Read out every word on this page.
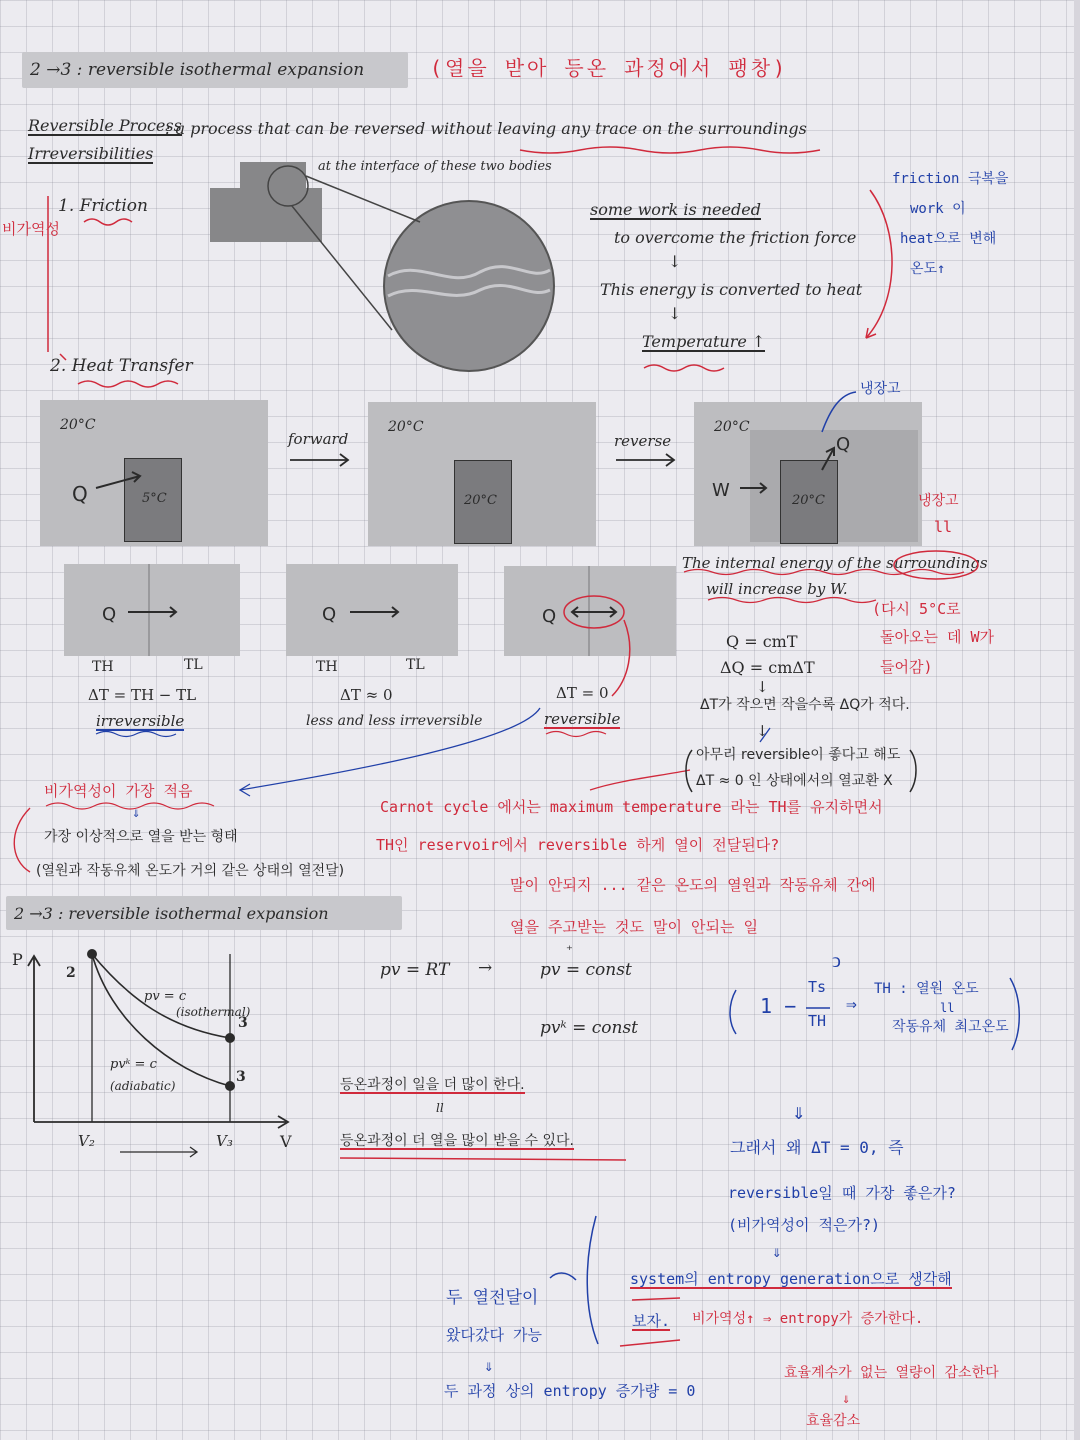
2 →3 : reversible isothermal expansion	(열을 받아 등온 과정에서 팽창)
Reversible Process
: a process that can be reversed without leaving any trace on the surroundings
Irreversibilities
비가역성
1. Friction
at the interface of these two bodies
some work is needed
to overcome the friction force
↓
This energy is converted to heat
↓
Temperature ↑
friction 극복을
work 이
heat으로 변해
온도↑
2. Heat Transfer
20°C
5°C
Q
forward
20°C
20°C
reverse
20°C
20°C
W
Q
냉장고
냉장고
ll
The internal energy of the surroundings
will increase by W.
(다시 5°C로
돌아오는 데 W가
들어감)
Q = cmT
ΔQ = cmΔT
↓
ΔT가 작으면 작을수록 ΔQ가 적다.
↓
아무리 reversible이 좋다고 해도
ΔT ≈ 0 인 상태에서의 열교환 X
Q
TH	TL
ΔT = TH − TL
irreversible
Q
TH	TL
ΔT ≈ 0
less and less irreversible
Q
ΔT = 0
reversible
비가역성이 가장 적음
⇓
가장 이상적으로 열을 받는 형태
(열원과 작동유체 온도가 거의 같은 상태의 열전달)
Carnot cycle 에서는 maximum temperature 라는 TH를 유지하면서
TH인 reservoir에서 reversible 하게 열이 전달된다?
말이 안되지 ... 같은 온도의 열원과 작동유체 간에
열을 주고받는 것도 말이 안되는 일
2 →3 : reversible isothermal expansion
P
V
V₂	V₃
2
3
3
pv = c
(isothermal)
pvᵏ = c
(adiabatic)
pv = RT →
⁺
pv = const
pvᵏ = const
등온과정이 일을 더 많이 한다.
ll
등온과정이 더 열을 많이 받을 수 있다.
ↄ
1 −
Ts
TH
⇒
TH : 열원 온도
ll
작동유체 최고온도
⇓
그래서 왜 ΔT = 0, 즉
reversible일 때 가장 좋은가?
(비가역성이 적은가?)
⇓
system의 entropy generation으로 생각해
보자. 비가역성↑ ⇒ entropy가 증가한다.
효율계수가 없는 열량이 감소한다
⇓
효율감소
두 열전달이
왔다갔다 가능
⇓
두 과정 상의 entropy 증가량 = 0
